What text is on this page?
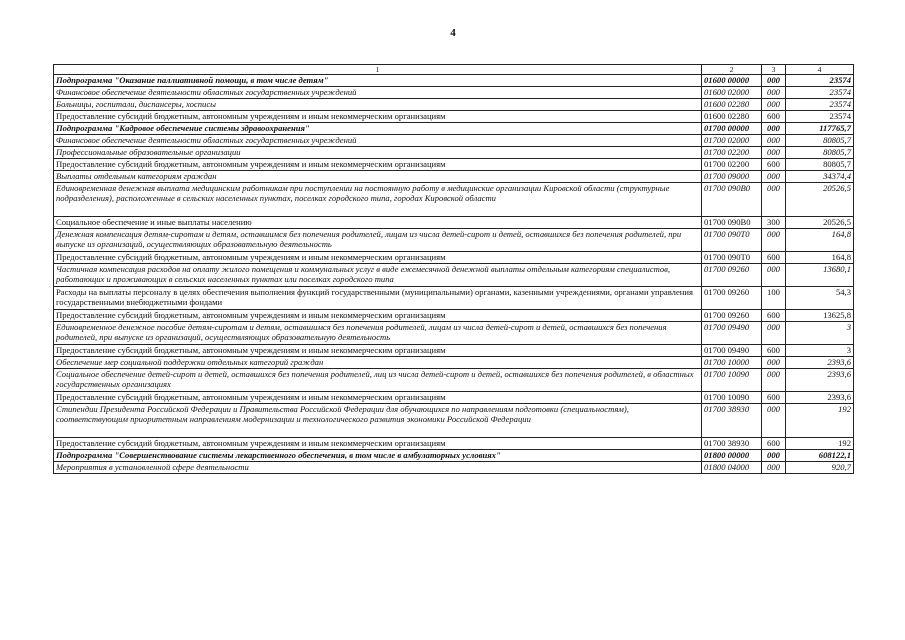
4
1	2	3	4
Подпрограмма "Оказание паллиативной помощи, в том числе детям"	01600 00000	000	23574
Финансовое обеспечение деятельности областных государственных учреждений	01600 02000	000	23574
Больницы, госпитали, диспансеры, хосписы	01600 02280	000	23574
Предоставление субсидий бюджетным, автономным учреждениям и иным некоммерческим организациям	01600 02280	600	23574
Подпрограмма "Кадровое обеспечение системы здравоохранения"	01700 00000	000	117765,7
Финансовое обеспечение деятельности областных государственных учреждений	01700 02000	000	80805,7
Профессиональные образовательные организации	01700 02200	000	80805,7
Предоставление субсидий бюджетным, автономным учреждениям и иным некоммерческим организациям	01700 02200	600	80805,7
Выплаты отдельным категориям граждан	01700 09000	000	34374,4
Единовременная денежная выплата медицинским работникам при поступлении на постоянную работу в медицинские организации Кировской области (структурные подразделения), расположенные в сельских населенных пунктах, поселках городского типа, городах Кировской области	01700 090В0	000	20526,5
Социальное обеспечение и иные выплаты населению	01700 090В0	300	20526,5
Денежная компенсация детям-сиротам и детям, оставшимся без попечения родителей, лицам из числа детей-сирот и детей, оставшихся без попечения родителей, при выпуске из организаций, осуществляющих образовательную деятельность	01700 090Т0	000	164,8
Предоставление субсидий бюджетным, автономным учреждениям и иным некоммерческим организациям	01700 090Т0	600	164,8
Частичная компенсация расходов на оплату жилого помещения и коммунальных услуг в виде ежемесячной денежной выплаты отдельным категориям специалистов, работающих и проживающих в сельских населенных пунктах или поселках городского типа	01700 09260	000	13680,1
Расходы на выплаты персоналу в целях обеспечения выполнения функций государственными (муниципальными) органами, казенными учреждениями, органами управления государственными внебюджетными фондами	01700 09260	100	54,3
Предоставление субсидий бюджетным, автономным учреждениям и иным некоммерческим организациям	01700 09260	600	13625,8
Единовременное денежное пособие детям-сиротам и детям, оставшимся без попечения родителей, лицам из числа детей-сирот и детей, оставшихся без попечения родителей, при выпуске из организаций, осуществляющих образовательную деятельность	01700 09490	000	3
Предоставление субсидий бюджетным, автономным учреждениям и иным некоммерческим организациям	01700 09490	600	3
Обеспечение мер социальной поддержки отдельных категорий граждан	01700 10000	000	2393,6
Социальное обеспечение детей-сирот и детей, оставшихся без попечения родителей, лиц из числа детей-сирот и детей, оставшихся без попечения родителей, в областных государственных организациях	01700 10090	000	2393,6
Предоставление субсидий бюджетным, автономным учреждениям и иным некоммерческим организациям	01700 10090	600	2393,6
Стипендии Президента Российской Федерации и Правительства Российской Федерации для обучающихся по направлениям подготовки (специальностям), соответствующим приоритетным направлениям модернизации и технологического развития экономики Российской Федерации	01700 38930	000	192
Предоставление субсидий бюджетным, автономным учреждениям и иным некоммерческим организациям	01700 38930	600	192
Подпрограмма "Совершенствование системы лекарственного обеспечения, в том числе в амбулаторных условиях"	01800 00000	000	608122,1
Мероприятия в установленной сфере деятельности	01800 04000	000	920,7
